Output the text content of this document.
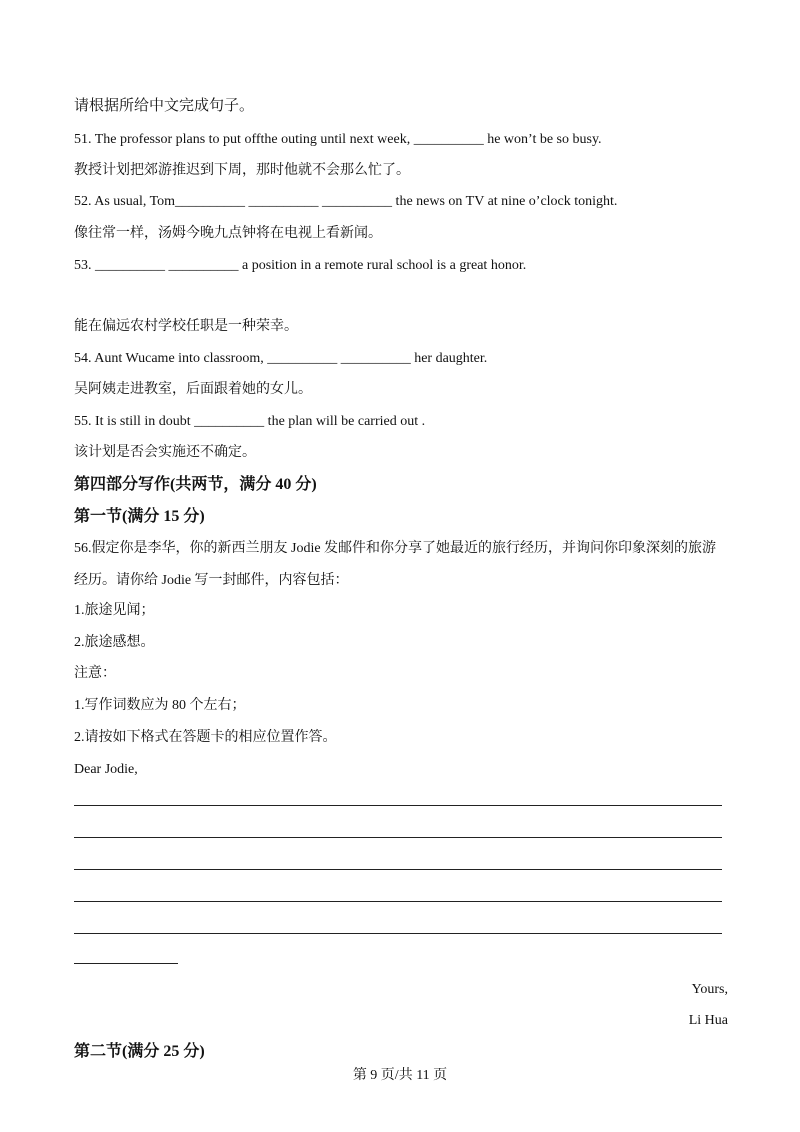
请根据所给中文完成句子。
51. The professor plans to put offthe outing until next week, __________ he won’t be so busy.
教授计划把郊游推迟到下周，那时他就不会那么忙了。
52. As usual, Tom__________ __________ __________ the news on TV at nine o’clock tonight.
像往常一样，汤姆今晚九点钟将在电视上看新闻。
53. __________ __________ a position in a remote rural school is a great honor.
能在偏远农村学校任职是一种荣幸。
54. Aunt Wucame into classroom, __________ __________ her daughter.
吴阿姨走进教室，后面跟着她的女儿。
55. It is still in doubt __________ the plan will be carried out .
该计划是否会实施还不确定。
第四部分写作(共两节，满分 40 分)
第一节(满分 15 分)
56.假定你是李华，你的新西兰朋友 Jodie 发邮件和你分享了她最近的旅行经历，并询问你印象深刻的旅游
经历。请你给 Jodie 写一封邮件，内容包括：
1.旅途见闻；
2.旅途感想。
注意：
1.写作词数应为 80 个左右；
2.请按如下格式在答题卡的相应位置作答。
Dear Jodie,
Yours,
Li Hua
第二节(满分 25 分)
第 9 页/共 11 页
